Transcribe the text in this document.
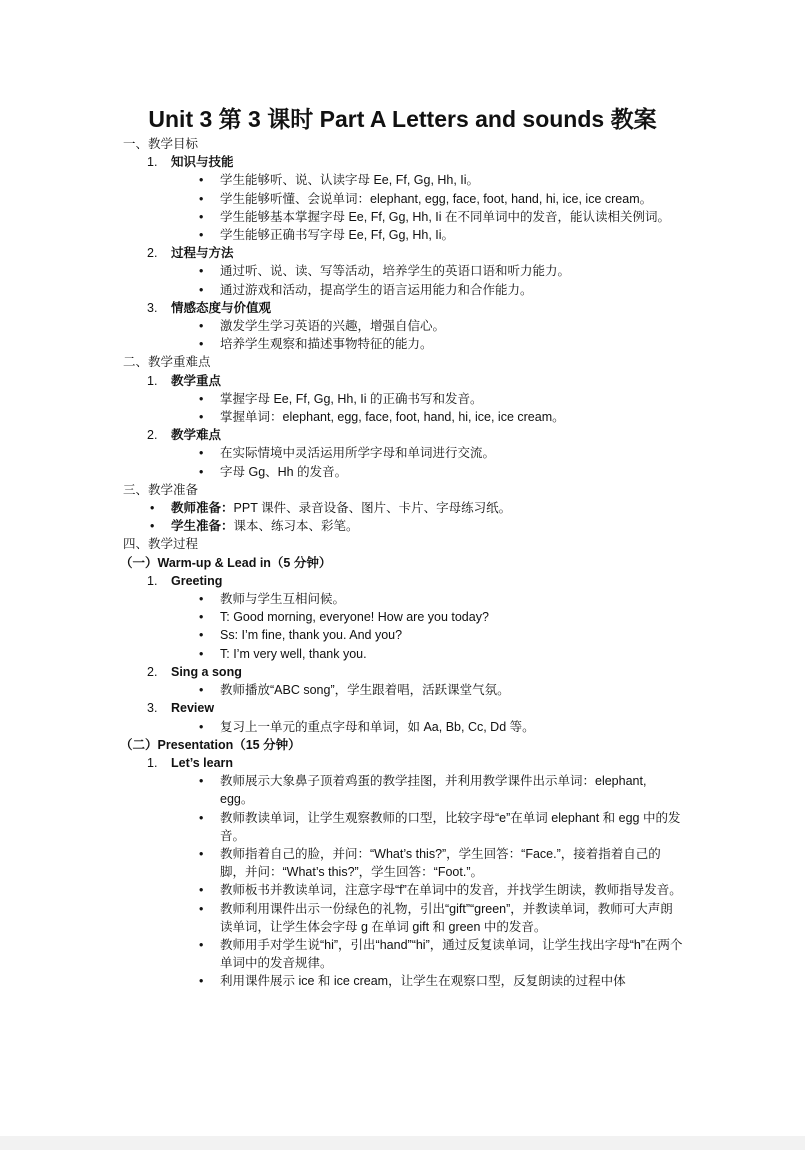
Unit 3 第 3 课时 Part A Letters and sounds 教案
一、教学目标
1. 知识与技能
• 学生能够听、说、认读字母 Ee, Ff, Gg, Hh, Ii。
• 学生能够听懂、会说单词：elephant, egg, face, foot, hand, hi, ice, ice cream。
• 学生能够基本掌握字母 Ee, Ff, Gg, Hh, Ii 在不同单词中的发音，能认读相关例词。
• 学生能够正确书写字母 Ee, Ff, Gg, Hh, Ii。
2. 过程与方法
• 通过听、说、读、写等活动，培养学生的英语口语和听力能力。
• 通过游戏和活动，提高学生的语言运用能力和合作能力。
3. 情感态度与价值观
• 激发学生学习英语的兴趣，增强自信心。
• 培养学生观察和描述事物特征的能力。
二、教学重难点
1. 教学重点
• 掌握字母 Ee, Ff, Gg, Hh, Ii 的正确书写和发音。
• 掌握单词：elephant, egg, face, foot, hand, hi, ice, ice cream。
2. 教学难点
• 在实际情境中灵活运用所学字母和单词进行交流。
• 字母 Gg、Hh 的发音。
三、教学准备
• 教师准备：PPT 课件、录音设备、图片、卡片、字母练习纸。
• 学生准备：课本、练习本、彩笔。
四、教学过程
（一）Warm-up & Lead in（5 分钟）
1. Greeting
• 教师与学生互相问候。
• T: Good morning, everyone! How are you today?
• Ss: I’m fine, thank you. And you?
• T: I’m very well, thank you.
2. Sing a song
• 教师播放“ABC song”，学生跟着唱，活跃课堂气氛。
3. Review
• 复习上一单元的重点字母和单词，如 Aa, Bb, Cc, Dd 等。
（二）Presentation（15 分钟）
1. Let’s learn
• 教师展示大象鼻子顶着鸡蛋的教学挂图，并利用教学课件出示单词：elephant, egg。
• 教师教读单词，让学生观察教师的口型，比较字母“e”在单词 elephant 和 egg 中的发音。
• 教师指着自己的脸，并问：“What’s this?”，学生回答：“Face.”，接着指着自己的脚，并问：“What’s this?”，学生回答：“Foot.”。
• 教师板书并教读单词，注意字母“f”在单词中的发音，并找学生朗读，教师指导发音。
• 教师利用课件出示一份绿色的礼物，引出“gift”“green”，并教读单词，教师可大声朗读单词，让学生体会字母 g 在单词 gift 和 green 中的发音。
• 教师用手对学生说“hi”，引出“hand”“hi”，通过反复读单词，让学生找出字母“h”在两个单词中的发音规律。
• 利用课件展示 ice 和 ice cream，让学生在观察口型，反复朗读的过程中体
